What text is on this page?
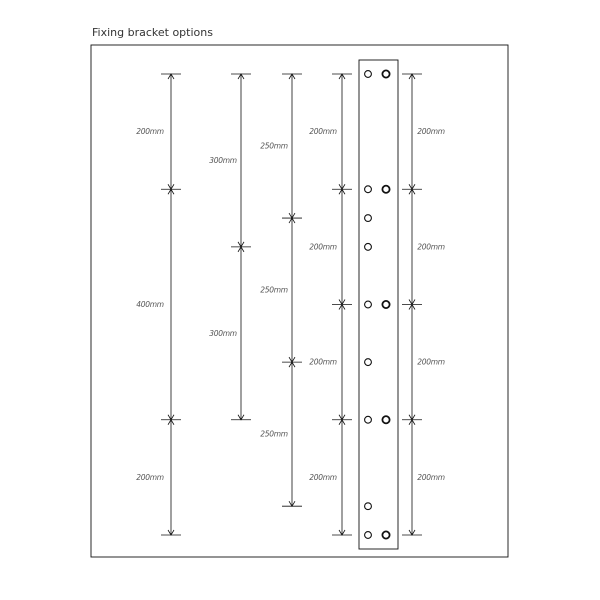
Fixing bracket options
200mm
400mm
200mm
300mm
300mm
250mm
250mm
250mm
200mm
200mm
200mm
200mm
200mm
200mm
200mm
200mm
